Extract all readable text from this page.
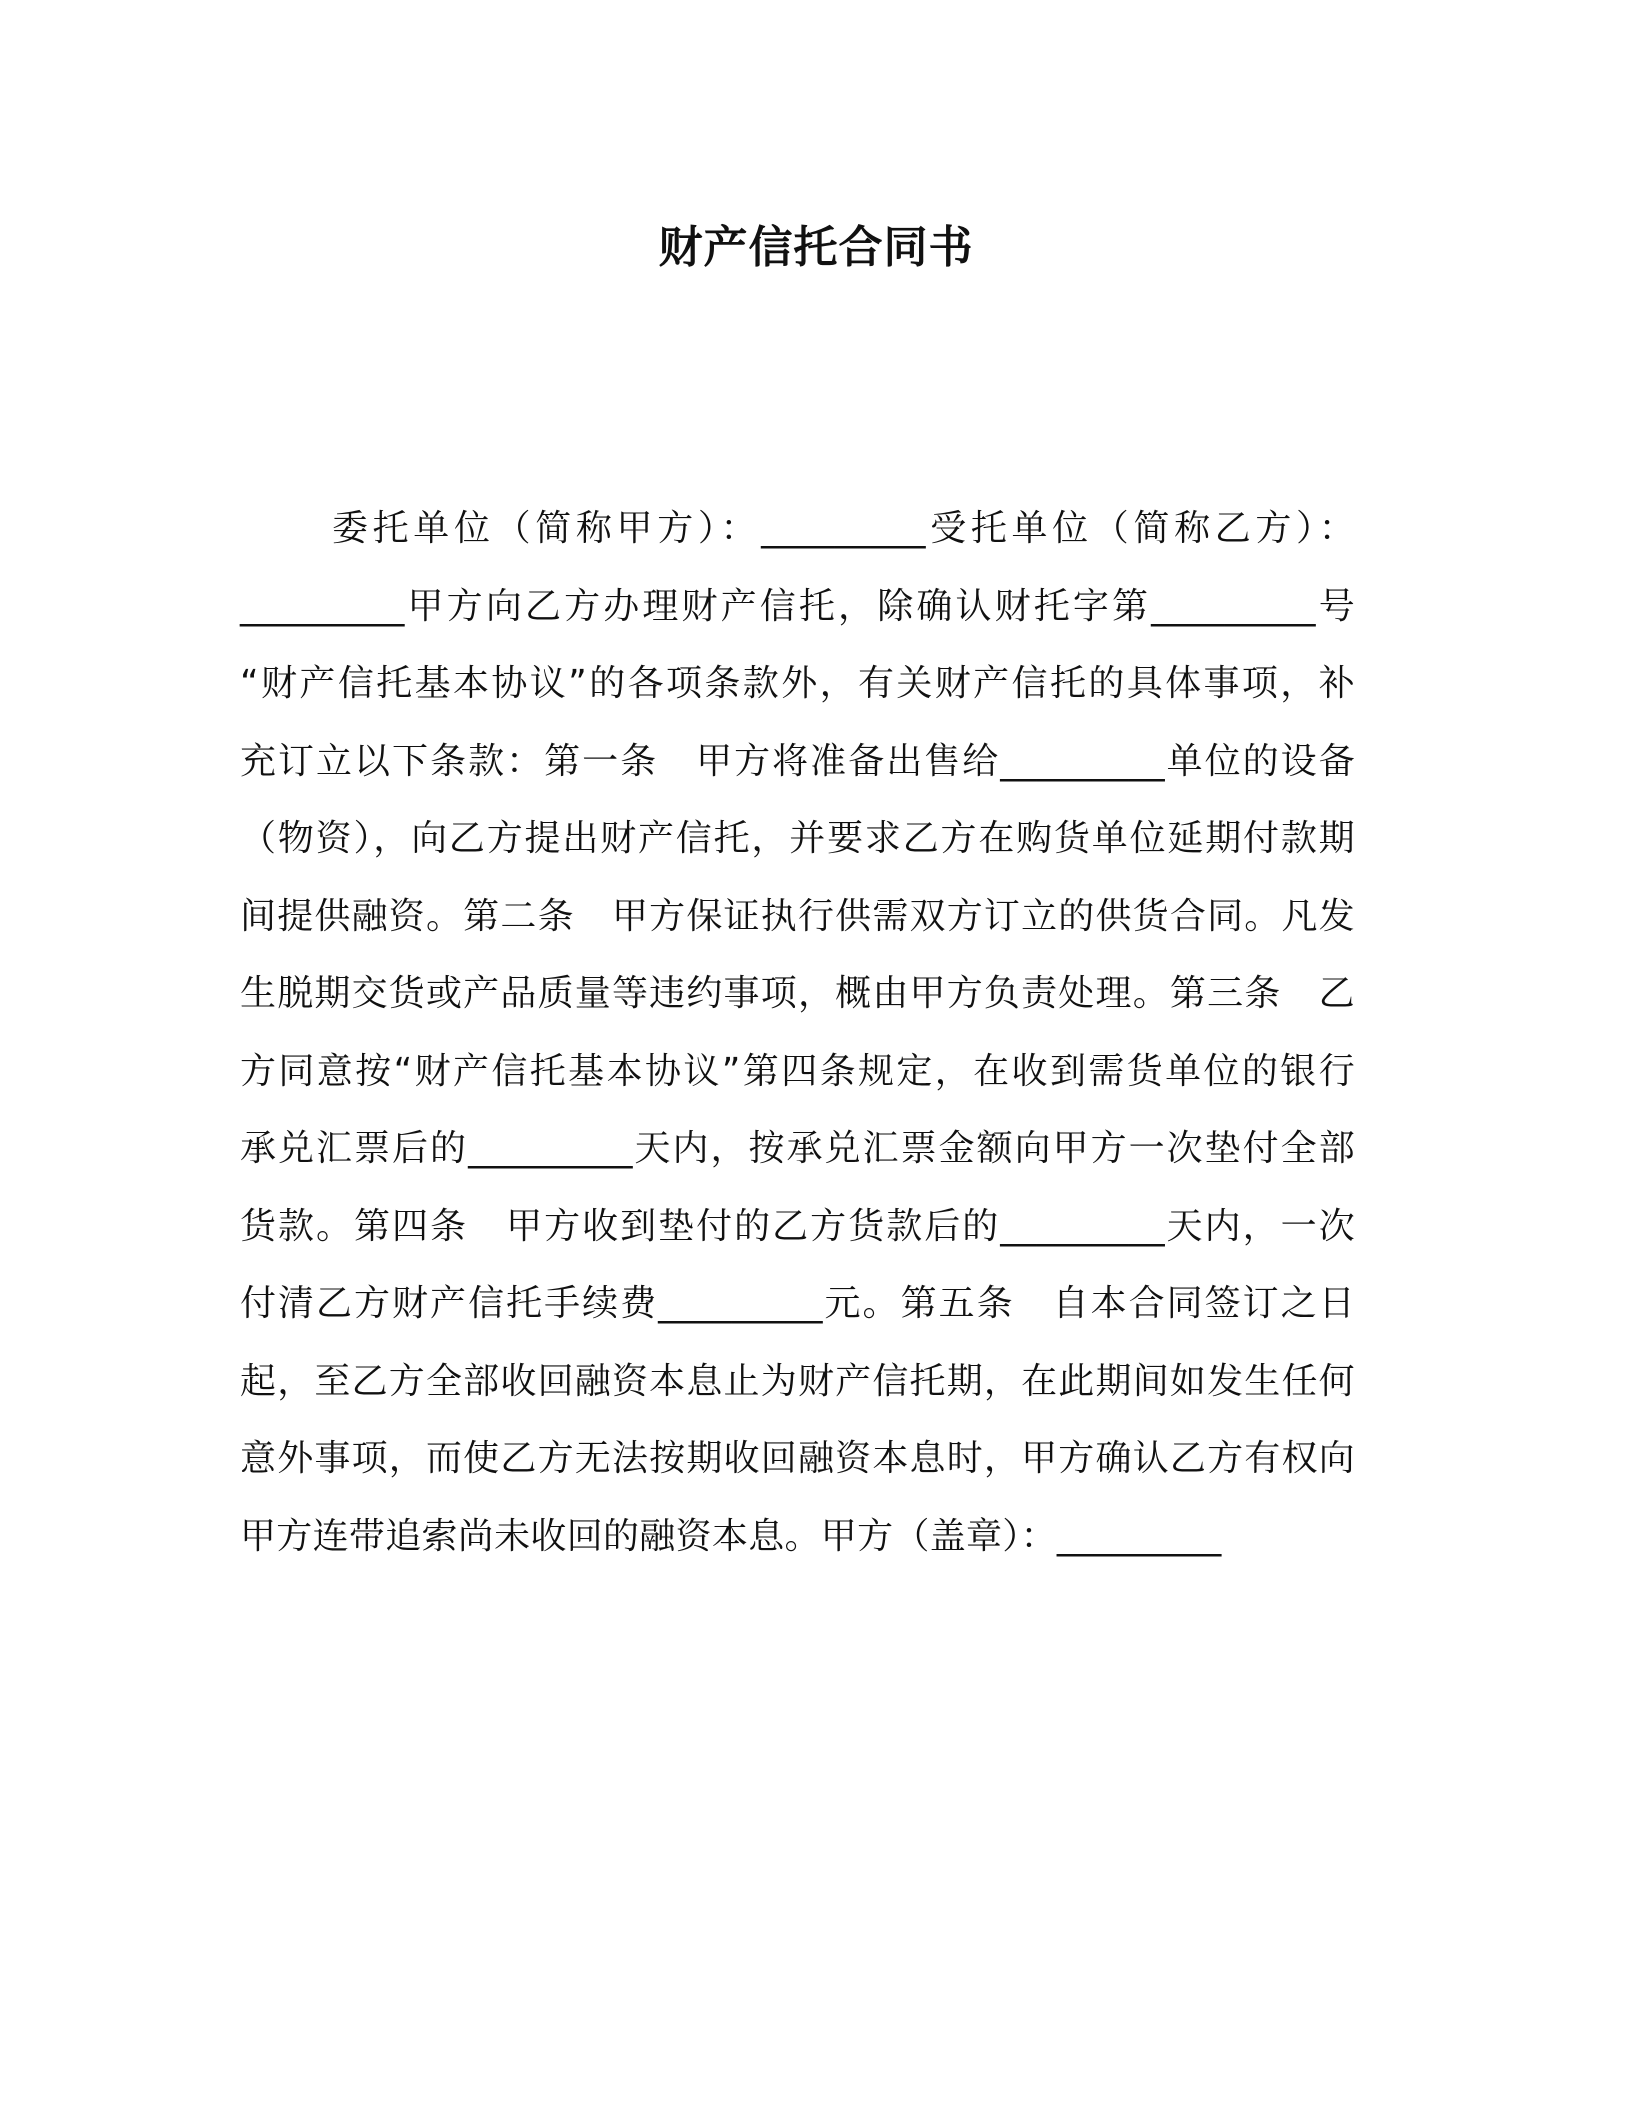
财产信托合同书
委托单位（简称甲方）：_________受托单位（简称乙方）：
_________甲方向乙方办理财产信托，除确认财托字第_________号
“财产信托基本协议”的各项条款外，有关财产信托的具体事项，补
充订立以下条款：第一条　甲方将准备出售给_________单位的设备
（物资），向乙方提出财产信托，并要求乙方在购货单位延期付款期
间提供融资。第二条　甲方保证执行供需双方订立的供货合同。凡发
生脱期交货或产品质量等违约事项，概由甲方负责处理。第三条　乙
方同意按“财产信托基本协议”第四条规定，在收到需货单位的银行
承兑汇票后的_________天内，按承兑汇票金额向甲方一次垫付全部
货款。第四条　甲方收到垫付的乙方货款后的_________天内，一次
付清乙方财产信托手续费_________元。第五条　自本合同签订之日
起，至乙方全部收回融资本息止为财产信托期，在此期间如发生任何
意外事项，而使乙方无法按期收回融资本息时，甲方确认乙方有权向
甲方连带追索尚未收回的融资本息。甲方（盖章）：_________
